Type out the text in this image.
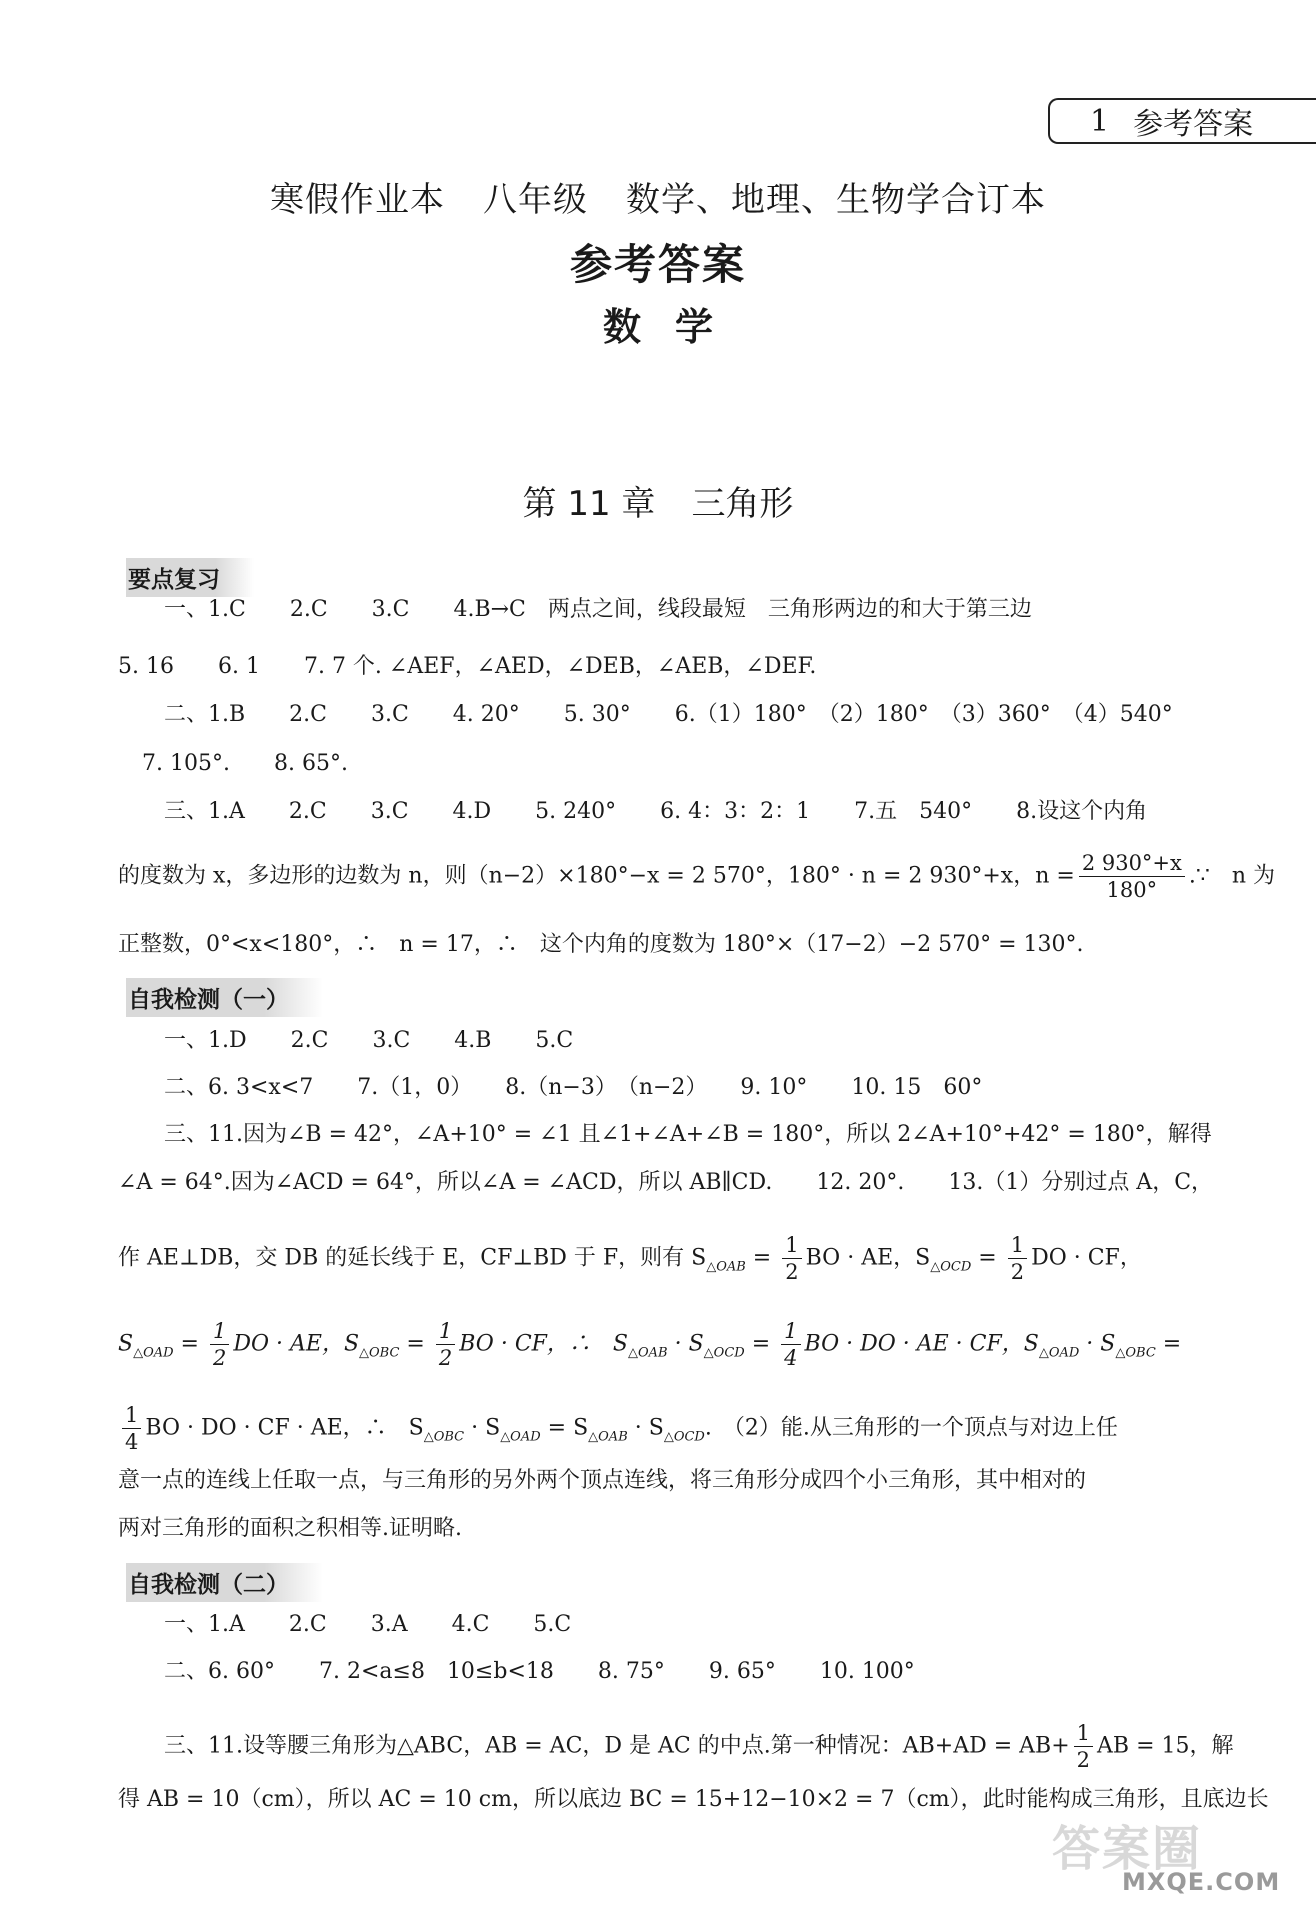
1 参考答案
寒假作业本 八年级 数学、地理、生物学合订本
参考答案
数学
第 11 章 三角形
要点复习
一、1.C　　2.C　　3.C　　4.B→C　两点之间，线段最短　三角形两边的和大于第三边
5. 16　　6. 1　　7. 7 个. ∠AEF，∠AED，∠DEB，∠AEB，∠DEF.
二、1.B　　2.C　　3.C　　4. 20°　　5. 30°　　6.（1）180°　（2）180°　（3）360°　（4）540°
7. 105°.　　8. 65°.
三、1.A　　2.C　　3.C　　4.D　　5. 240°　　6. 4：3：2：1　　7.五　540°　　8.设这个内角
的度数为 x，多边形的边数为 n，则（n−2）×180°−x = 2 570°，180° · n = 2 930°+x，$n = \frac{2 930^\circ+x}{180^\circ}$ .∵　n 为
正整数，0°<x<180°，∴　n = 17，∴　这个内角的度数为 180°×（17−2）−2 570° = 130°.
自我检测（一）
一、1.D　　2.C　　3.C　　4.B　　5.C
二、6. 3<x<7　　7.（1，0）　　8.（n−3）　（n−2）　　9. 10°　　10. 15　60°
三、11.因为∠B = 42°，∠A+10° = ∠1 且∠1+∠A+∠B = 180°，所以 2∠A+10°+42° = 180°，解得
∠A = 64°.因为∠ACD = 64°，所以∠A = ∠ACD，所以 AB∥CD.　　12. 20°.　　13.（1）分别过点 A，C，
作 AE⊥DB，交 DB 的延长线于 E，CF⊥BD 于 F，则有 $S_{\triangle OAB} = \frac{1}{2}$ BO · AE，$S_{\triangle OCD} = \frac{1}{2}$ DO · CF，
$S_{\triangle OAD} = \frac{1}{2}$ DO · AE，$S_{\triangle OBC} = \frac{1}{2}$ BO · CF，∴　$S_{\triangle OAB} \cdot S_{\triangle OCD} = \frac{1}{4}$ BO · DO · AE · CF，$S_{\triangle OAD} \cdot S_{\triangle OBC}$ =
$\frac{1}{4}$ BO · DO · CF · AE，∴　$S_{\triangle OBC} \cdot S_{\triangle OAD} = S_{\triangle OAB} \cdot S_{\triangle OCD}$.　（2）能.从三角形的一个顶点与对边上任
意一点的连线上任取一点，与三角形的另外两个顶点连线，将三角形分成四个小三角形，其中相对的
两对三角形的面积之积相等.证明略.
自我检测（二）
一、1.A　　2.C　　3.A　　4.C　　5.C
二、6. 60°　　7. 2<a≤8　10≤b<18　　8. 75°　　9. 65°　　10. 100°
三、11.设等腰三角形为△ABC，AB = AC，D 是 AC 的中点.第一种情况：$AB+AD = AB+ \frac{1}{2}$ AB = 15，解
得 AB = 10（cm），所以 AC = 10 cm，所以底边 BC = 15+12−10×2 = 7（cm），此时能构成三角形，且底边长
答案圈
MXQE.COM
